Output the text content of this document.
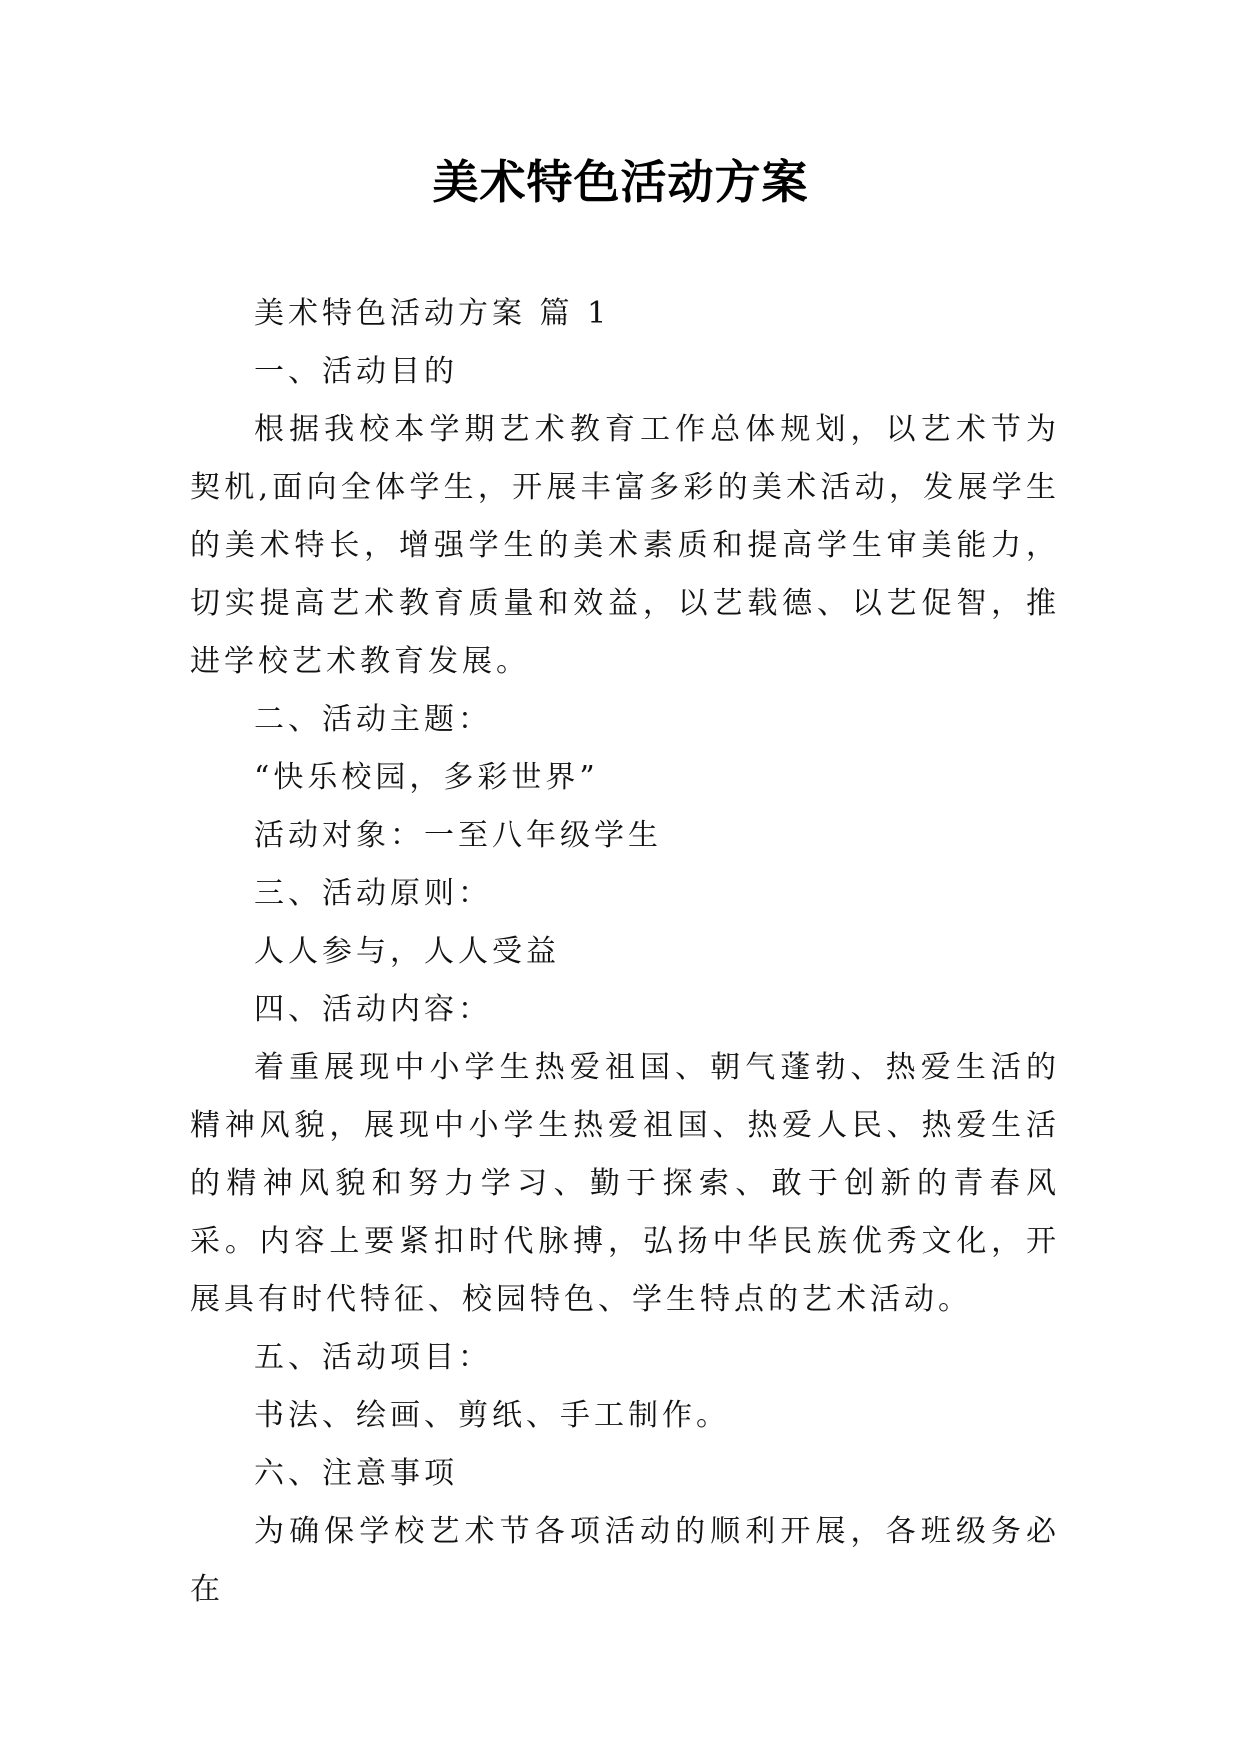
美术特色活动方案

美术特色活动方案 篇 1

一、活动目的

根据我校本学期艺术教育工作总体规划，以艺术节为契机,面向全体学生，开展丰富多彩的美术活动，发展学生的美术特长，增强学生的美术素质和提高学生审美能力，切实提高艺术教育质量和效益，以艺载德、以艺促智，推进学校艺术教育发展。

二、活动主题：

“快乐校园，多彩世界”

活动对象：一至八年级学生

三、活动原则：

人人参与，人人受益

四、活动内容：

着重展现中小学生热爱祖国、朝气蓬勃、热爱生活的精神风貌，展现中小学生热爱祖国、热爱人民、热爱生活的精神风貌和努力学习、勤于探索、敢于创新的青春风采。内容上要紧扣时代脉搏，弘扬中华民族优秀文化，开展具有时代特征、校园特色、学生特点的艺术活动。

五、活动项目：

书法、绘画、剪纸、手工制作。

六、注意事项

为确保学校艺术节各项活动的顺利开展，各班级务必在
